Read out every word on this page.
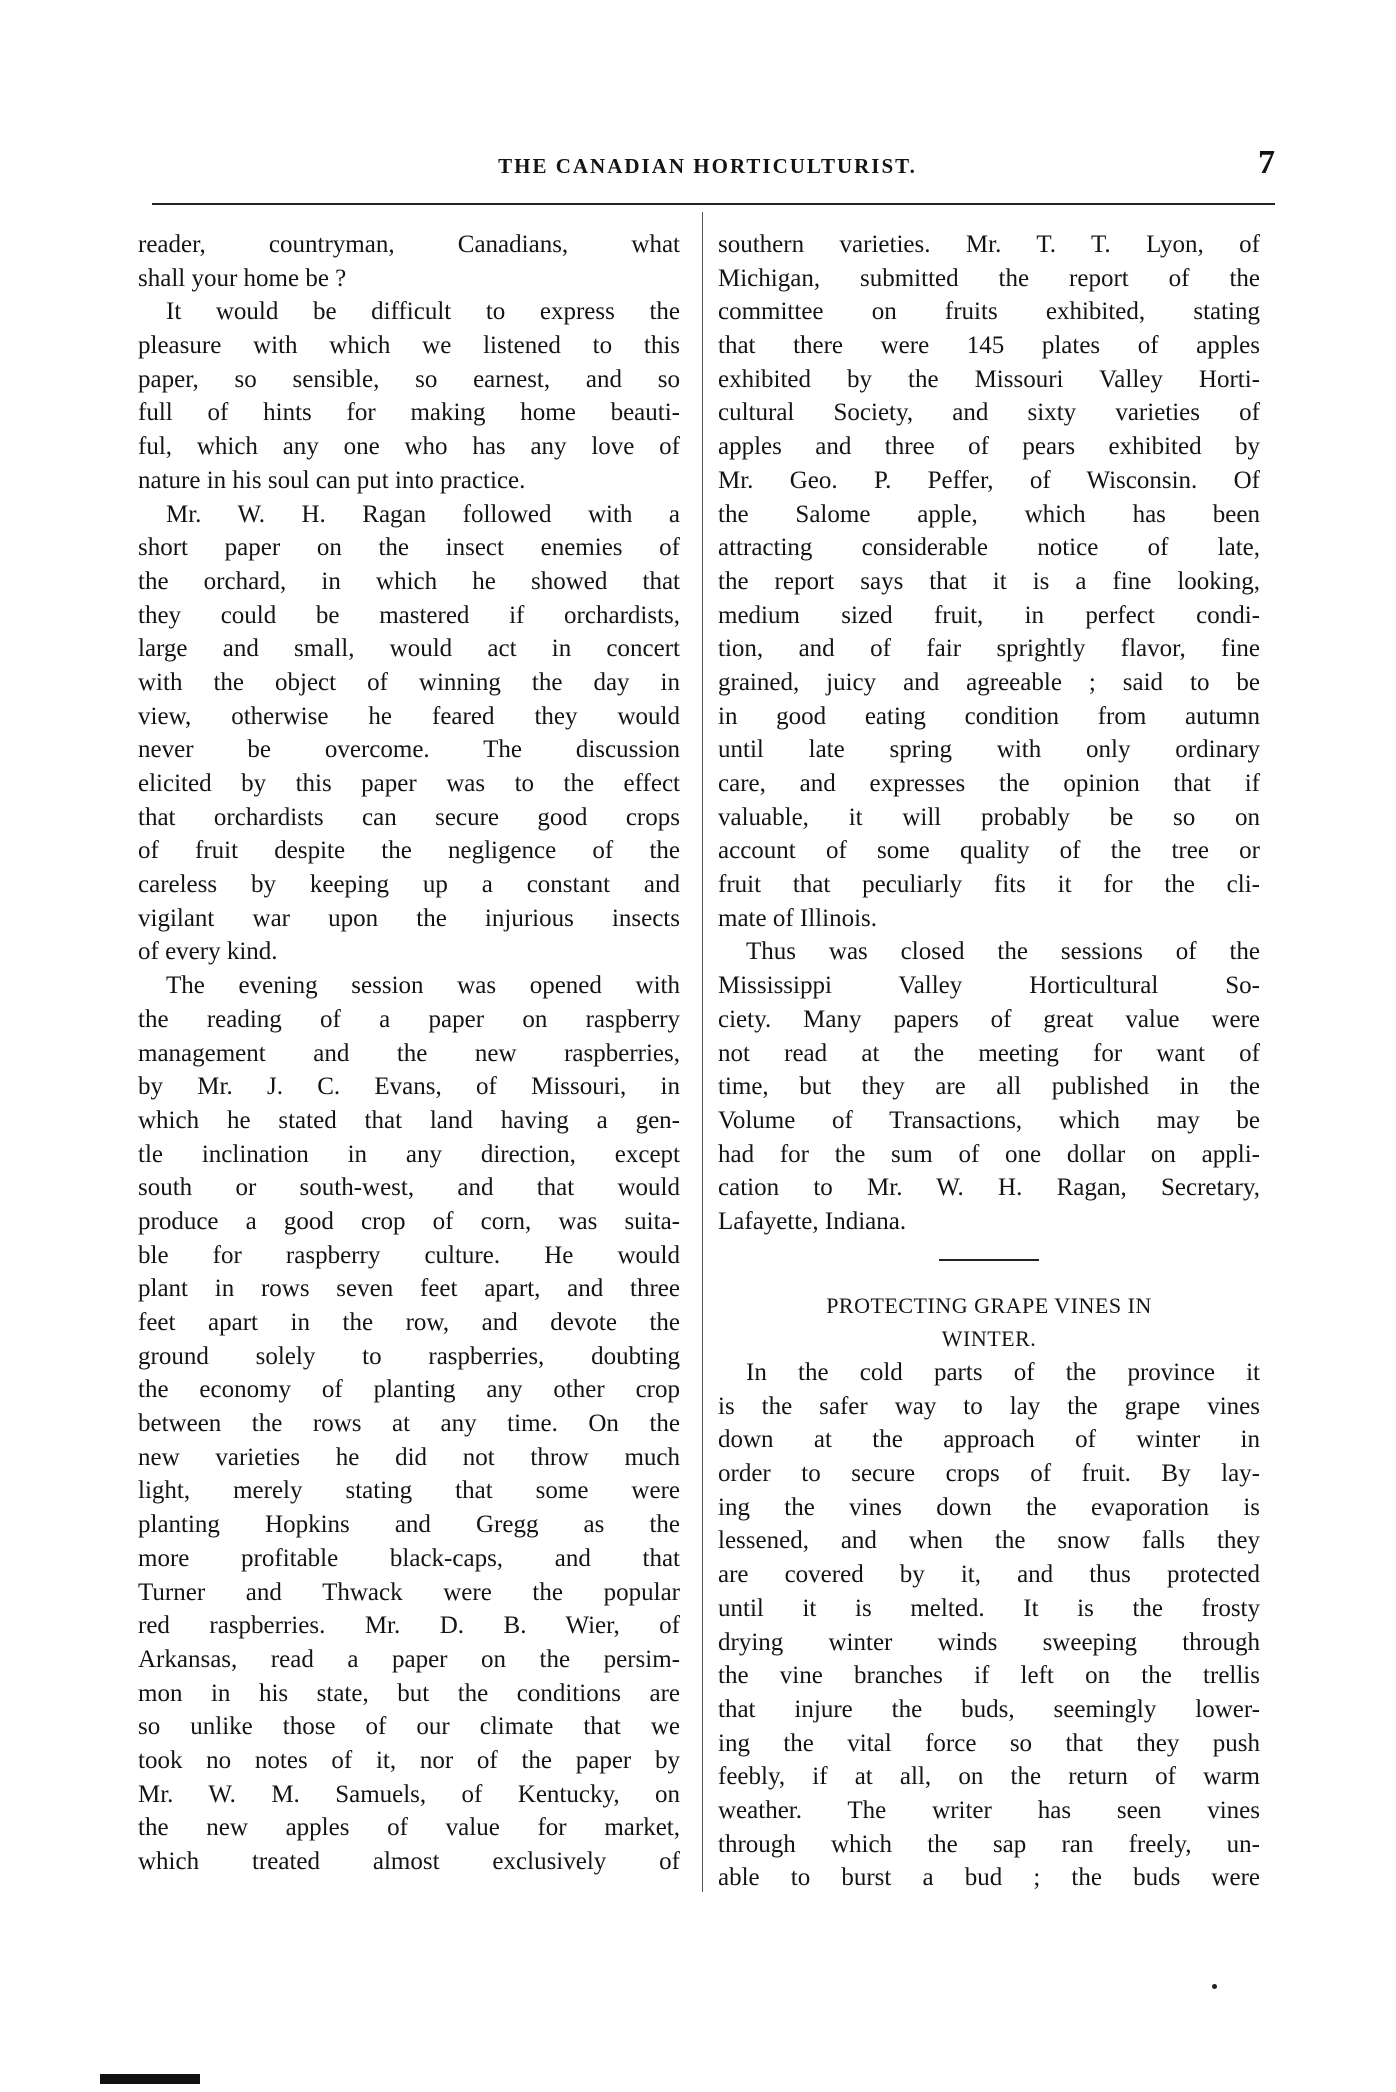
THE CANADIAN HORTICULTURIST.	7
reader, countryman, Canadians, what
shall your home be ?
It would be difficult to express the
pleasure with which we listened to this
paper, so sensible, so earnest, and so
full of hints for making home beauti-
ful, which any one who has any love of
nature in his soul can put into practice.
Mr. W. H. Ragan followed with a
short paper on the insect enemies of
the orchard, in which he showed that
they could be mastered if orchardists,
large and small, would act in concert
with the object of winning the day in
view, otherwise he feared they would
never be overcome. The discussion
elicited by this paper was to the effect
that orchardists can secure good crops
of fruit despite the negligence of the
careless by keeping up a constant and
vigilant war upon the injurious insects
of every kind.
The evening session was opened with
the reading of a paper on raspberry
management and the new raspberries,
by Mr. J. C. Evans, of Missouri, in
which he stated that land having a gen-
tle inclination in any direction, except
south or south-west, and that would
produce a good crop of corn, was suita-
ble for raspberry culture. He would
plant in rows seven feet apart, and three
feet apart in the row, and devote the
ground solely to raspberries, doubting
the economy of planting any other crop
between the rows at any time. On the
new varieties he did not throw much
light, merely stating that some were
planting Hopkins and Gregg as the
more profitable black-caps, and that
Turner and Thwack were the popular
red raspberries. Mr. D. B. Wier, of
Arkansas, read a paper on the persim-
mon in his state, but the conditions are
so unlike those of our climate that we
took no notes of it, nor of the paper by
Mr. W. M. Samuels, of Kentucky, on
the new apples of value for market,
which treated almost exclusively of
southern varieties. Mr. T. T. Lyon, of
Michigan, submitted the report of the
committee on fruits exhibited, stating
that there were 145 plates of apples
exhibited by the Missouri Valley Horti-
cultural Society, and sixty varieties of
apples and three of pears exhibited by
Mr. Geo. P. Peffer, of Wisconsin. Of
the Salome apple, which has been
attracting considerable notice of late,
the report says that it is a fine looking,
medium sized fruit, in perfect condi-
tion, and of fair sprightly flavor, fine
grained, juicy and agreeable ; said to be
in good eating condition from autumn
until late spring with only ordinary
care, and expresses the opinion that if
valuable, it will probably be so on
account of some quality of the tree or
fruit that peculiarly fits it for the cli-
mate of Illinois.
Thus was closed the sessions of the
Mississippi Valley Horticultural So-
ciety. Many papers of great value were
not read at the meeting for want of
time, but they are all published in the
Volume of Transactions, which may be
had for the sum of one dollar on appli-
cation to Mr. W. H. Ragan, Secretary,
Lafayette, Indiana.
PROTECTING GRAPE VINES IN
WINTER.
In the cold parts of the province it
is the safer way to lay the grape vines
down at the approach of winter in
order to secure crops of fruit. By lay-
ing the vines down the evaporation is
lessened, and when the snow falls they
are covered by it, and thus protected
until it is melted. It is the frosty
drying winter winds sweeping through
the vine branches if left on the trellis
that injure the buds, seemingly lower-
ing the vital force so that they push
feebly, if at all, on the return of warm
weather. The writer has seen vines
through which the sap ran freely, un-
able to burst a bud ; the buds were
